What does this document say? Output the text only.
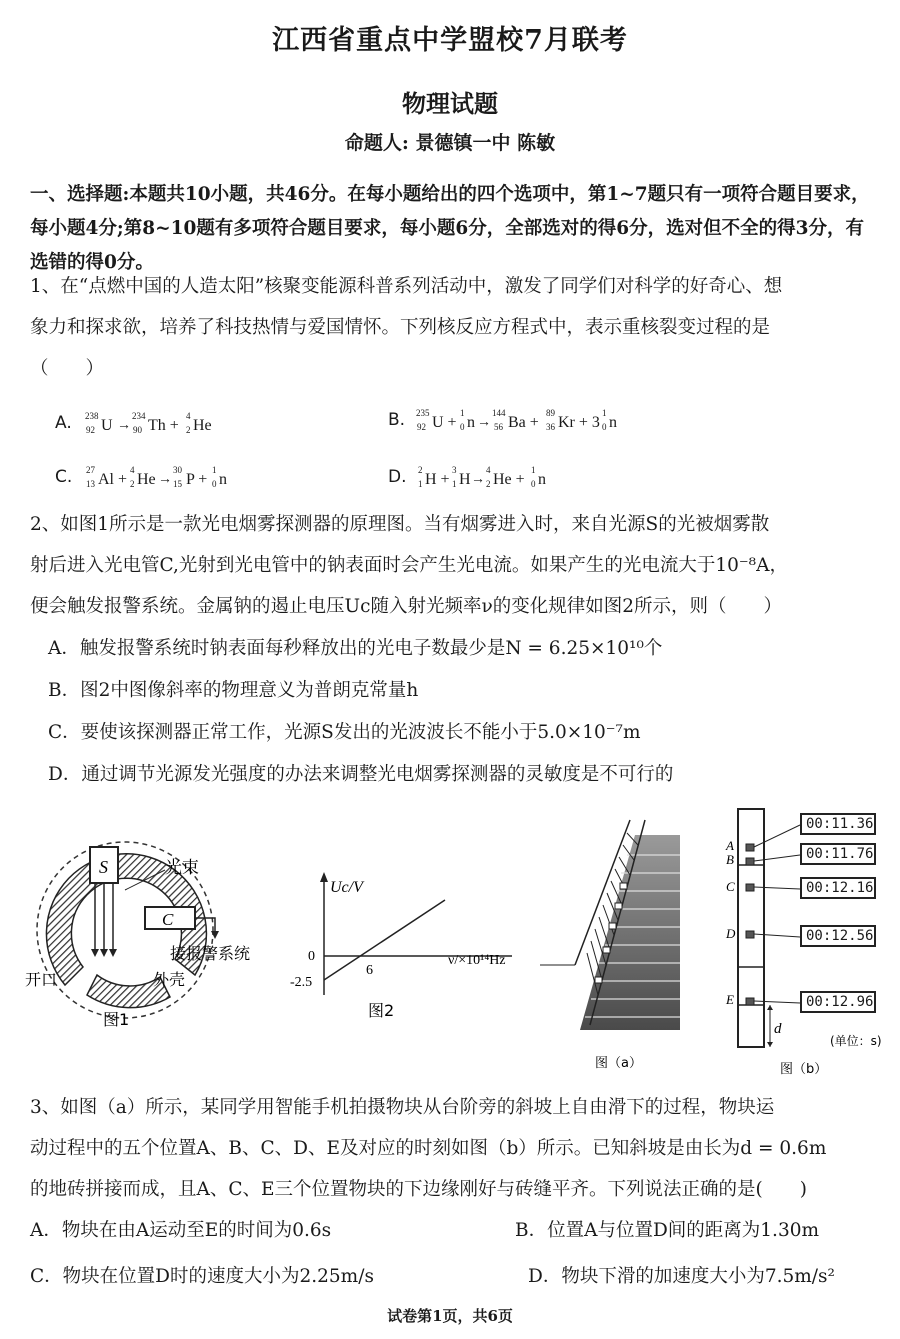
江西省重点中学盟校7月联考
物理试题
命题人: 景德镇一中 陈敏
一、选择题:本题共10小题，共46分。在每小题给出的四个选项中，第1~7题只有一项符合题目要求，每小题4分;第8~10题有多项符合题目要求，每小题6分，全部选对的得6分，选对但不全的得3分，有选错的得0分。
1、在“点燃中国的人造太阳”核聚变能源科普系列活动中，激发了同学们对科学的好奇心、想
象力和探求欲，培养了科技热情与爱国情怀。下列核反应方程式中，表示重核裂变过程的是
（　　）
A. 238
92 U →
234
90 Th +
4
2 He	B. 235
92 U +
1
0 n →
144
56 Ba +
89
36 Kr + 3
1
0 n
C. 27
13 Al +
4
2 He →
30
15 P +
1
0 n	D. 2
1 H +
3
1 H →
4
2 He +
1
0 n
2、如图1所示是一款光电烟雾探测器的原理图。当有烟雾进入时，来自光源S的光被烟雾散
射后进入光电管C,光射到光电管中的钠表面时会产生光电流。如果产生的光电流大于10⁻⁸A，
便会触发报警系统。金属钠的遏止电压Uc随入射光频率ν的变化规律如图2所示，则（　　）
A．触发报警系统时钠表面每秒释放出的光电子数最少是N = 6.25×10¹⁰个
B．图2中图像斜率的物理意义为普朗克常量h
C．要使该探测器正常工作，光源S发出的光波波长不能小于5.0×10⁻⁷m
D．通过调节光源发光强度的办法来调整光电烟雾探测器的灵敏度是不可行的
S	光束
C
接报警系统
开口	外壳
图1
Uc/V
0
6
-2.5
ν/×10¹⁴Hz
图2
图（a）
d
A
B
C
D
E
(单位：s)
图（b）
00:11.36
00:11.76
00:12.16
00:12.56
00:12.96
3、如图（a）所示，某同学用智能手机拍摄物块从台阶旁的斜坡上自由滑下的过程，物块运
动过程中的五个位置A、B、C、D、E及对应的时刻如图（b）所示。已知斜坡是由长为d = 0.6m
的地砖拼接而成，且A、C、E三个位置物块的下边缘刚好与砖缝平齐。下列说法正确的是(　　)
A．物块在由A运动至E的时间为0.6s	B．位置A与位置D间的距离为1.30m
C．物块在位置D时的速度大小为2.25m/s	D．物块下滑的加速度大小为7.5m/s²
试卷第1页，共6页
